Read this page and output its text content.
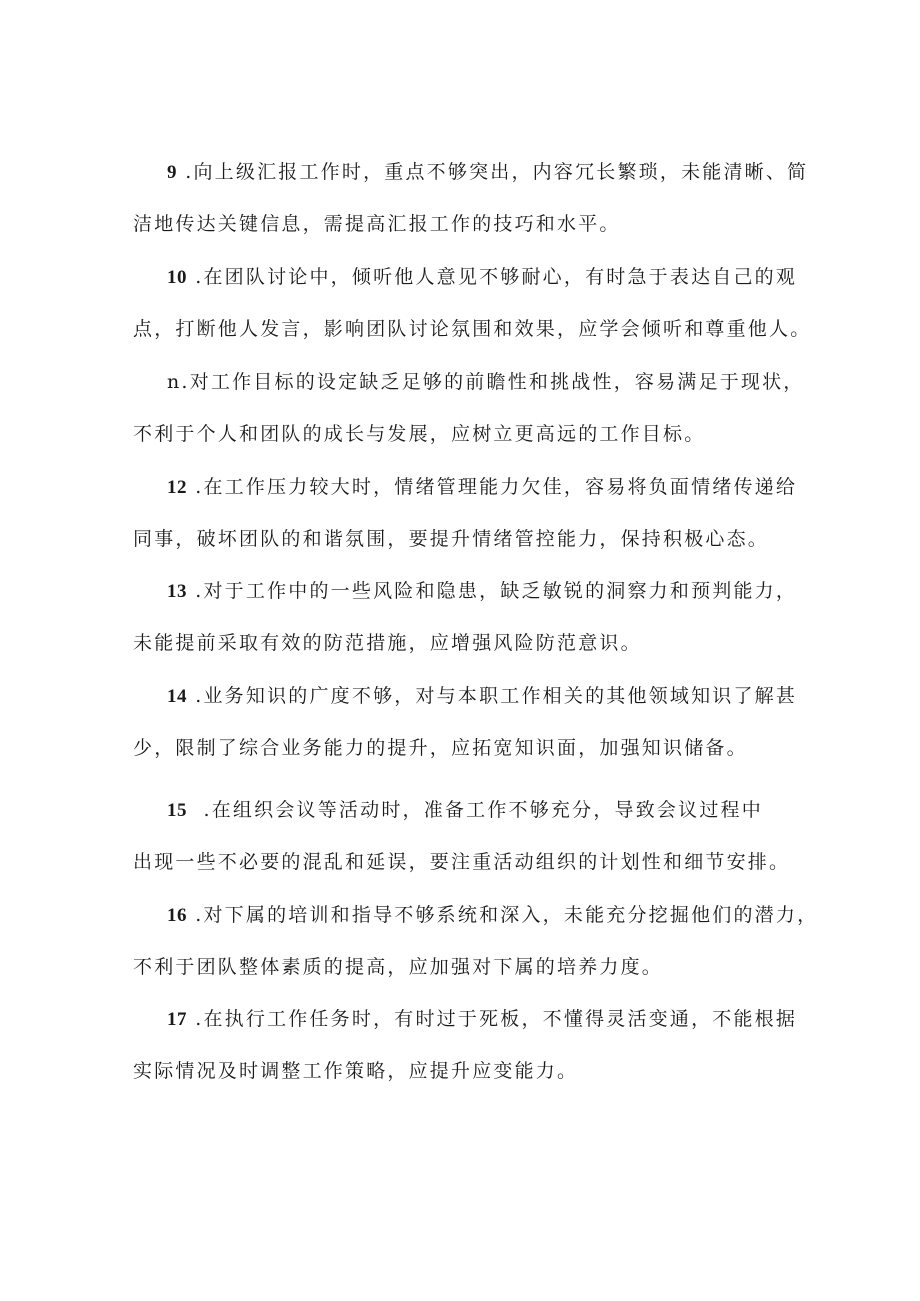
9 .向上级汇报工作时，重点不够突出，内容冗长繁琐，未能清晰、简
洁地传达关键信息，需提高汇报工作的技巧和水平。
10 .在团队讨论中，倾听他人意见不够耐心，有时急于表达自己的观
点，打断他人发言，影响团队讨论氛围和效果，应学会倾听和尊重他人。
n.对工作目标的设定缺乏足够的前瞻性和挑战性，容易满足于现状，
不利于个人和团队的成长与发展，应树立更高远的工作目标。
12 .在工作压力较大时，情绪管理能力欠佳，容易将负面情绪传递给
同事，破坏团队的和谐氛围，要提升情绪管控能力，保持积极心态。
13 .对于工作中的一些风险和隐患，缺乏敏锐的洞察力和预判能力，
未能提前采取有效的防范措施，应增强风险防范意识。
14 .业务知识的广度不够，对与本职工作相关的其他领域知识了解甚
少，限制了综合业务能力的提升，应拓宽知识面，加强知识储备。
15  .在组织会议等活动时，准备工作不够充分，导致会议过程中
出现一些不必要的混乱和延误，要注重活动组织的计划性和细节安排。
16 .对下属的培训和指导不够系统和深入，未能充分挖掘他们的潜力，
不利于团队整体素质的提高，应加强对下属的培养力度。
17 .在执行工作任务时，有时过于死板，不懂得灵活变通，不能根据
实际情况及时调整工作策略，应提升应变能力。
